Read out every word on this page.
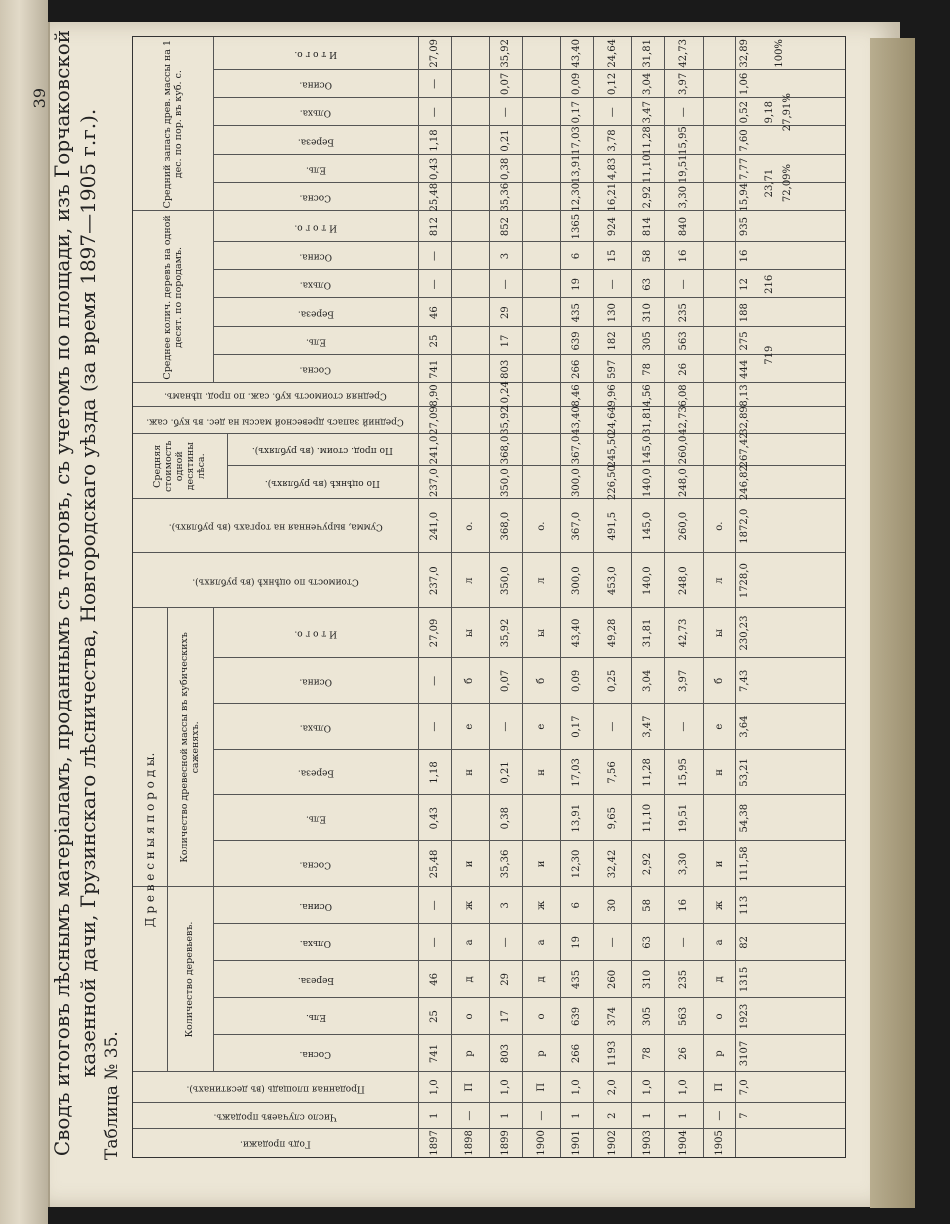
Сводъ итоговъ лѣснымъ матеріаламъ, проданнымъ съ торговъ, съ учетомъ по площади, изъ Горчаковской казенной дачи, Грузинскаго лѣсничества, Новгородскаго уѣзда (за время 1897—1905 г.г.).
Таблица № 35.
39
Д р е в е с н ы я п о р о д ы.
Количество деревьевъ.
Количество древесной массы въ кубическихъ саженяхъ.
Среднее колич. деревъ на одной десят. по породамъ.
Средний запасъ древ. массы на 1 дес. по пор. въ куб. с.
Средняя стоимость одной десятины лѣса.
Годъ продажи.
Число случаевъ продажъ.
Проданная площадь (въ десятинахъ).
Сосна.
Ель.
Береза.
Ольха.
Осина.
Сосна.
Ель.
Береза.
Ольха.
Осина.
И т о г о.
Стоимость по оцѣнкѣ (въ рубляхъ).
Сумма, вырученная на торгахъ (въ рубляхъ).
По оцѣнкѣ (въ рубляхъ).
По прод. стоим. (въ рубляхъ).
Средний запасъ древесной массы на дес. въ куб. саж.
Средняя стоимость куб. саж. по прод. цѣнамъ.
Сосна.
Ель.
Береза.
Ольха.
Осина.
И т о г о.
Сосна.
Ель.
Береза.
Ольха.
Осина.
И т о г о.
1897
1
1,0
741
25
46
—
—
25,48
0,43
1,18
—
—
27,09
237,0
241,0
237,0
241,0
27,09
8,90
741
25
46
—
—
812
25,48
0,43
1,18
—
—
27,09
1898
—
П
р
о
д
а
ж
и
н
е
б
ы
л
о.
1899
1
1,0
803
17
29
—
3
35,36
0,38
0,21
—
0,07
35,92
350,0
368,0
350,0
368,0
35,92
10,24
803
17
29
—
3
852
35,36
0,38
0,21
—
0,07
35,92
1900
—
П
р
о
д
а
ж
и
н
е
б
ы
л
о.
1901
1
1,0
266
639
435
19
6
12,30
13,91
17,03
0,17
0,09
43,40
300,0
367,0
300,0
367,0
43,40
8,46
266
639
435
19
6
1365
12,30
13,91
17,03
0,17
0,09
43,40
1902
2
2,0
1193
374
260
—
30
32,42
9,65
7,56
—
0,25
49,28
453,0
491,5
226,50
245,50
24,64
9,96
597
182
130
—
15
924
16,21
4,83
3,78
—
0,12
24,64
1903
1
1,0
78
305
310
63
58
2,92
11,10
11,28
3,47
3,04
31,81
140,0
145,0
140,0
145,0
31,81
4,56
78
305
310
63
58
814
2,92
11,10
11,28
3,47
3,04
31,81
1904
1
1,0
26
563
235
—
16
3,30
19,51
15,95
—
3,97
42,73
248,0
260,0
248,0
260,0
42,73
6,08
26
563
235
—
16
840
3,30
19,51
15,95
—
3,97
42,73
1905
—
П
р
о
д
а
ж
и
н
е
б
ы
л
о.
7
7,0
3107
1923
1315
82
113
111,58
54,38
53,21
3,64
7,43
230,23
1728,0
1872,0
246,82
267,42
32,89
8,13
444
275
188
12
16
935
15,94
7,77
7,60
0,52
1,06
32,89
719
216
23,71 72,09%
9,18 27,91%
100%
